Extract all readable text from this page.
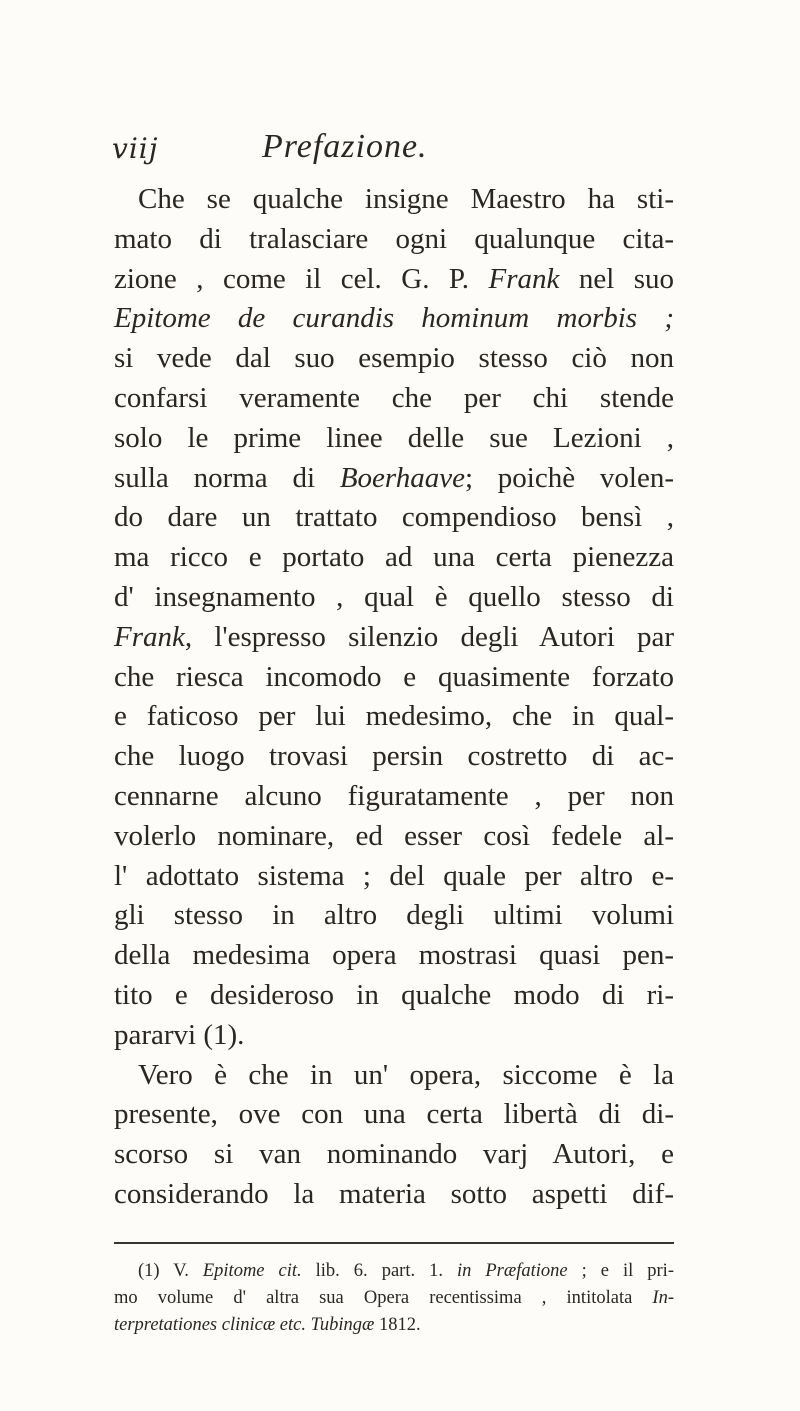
viij	Prefazione.
Che se qualche insigne Maestro ha sti-
mato di tralasciare ogni qualunque cita-
zione , come il cel. G. P. Frank nel suo
Epitome de curandis hominum morbis ;
si vede dal suo esempio stesso ciò non
confarsi veramente che per chi stende
solo le prime linee delle sue Lezioni ,
sulla norma di Boerhaave; poichè volen-
do dare un trattato compendioso bensì ,
ma ricco e portato ad una certa pienezza
d' insegnamento , qual è quello stesso di
Frank, l'espresso silenzio degli Autori par
che riesca incomodo e quasimente forzato
e faticoso per lui medesimo, che in qual-
che luogo trovasi persin costretto di ac-
cennarne alcuno figuratamente , per non
volerlo nominare, ed esser così fedele al-
l' adottato sistema ; del quale per altro e-
gli stesso in altro degli ultimi volumi
della medesima opera mostrasi quasi pen-
tito e desideroso in qualche modo di ri-
pararvi (1).
Vero è che in un' opera, siccome è la
presente, ove con una certa libertà di di-
scorso si van nominando varj Autori, e
considerando la materia sotto aspetti dif-
(1) V. Epitome cit. lib. 6. part. 1. in Præfatione ; e il pri-
mo volume d' altra sua Opera recentissima , intitolata In-
terpretationes clinicæ etc. Tubingæ 1812.
